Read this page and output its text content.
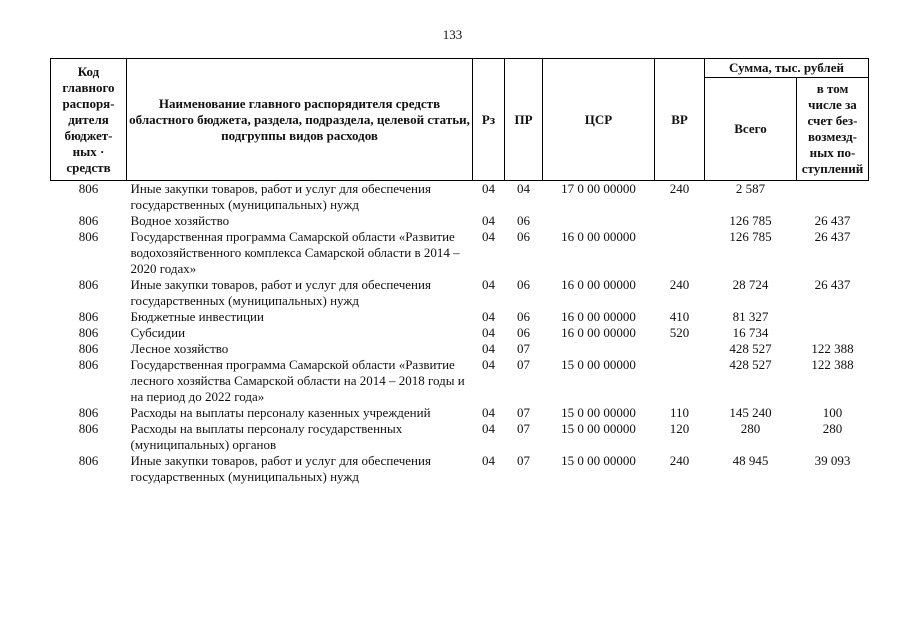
133
Код главного распоря-дителя бюджет-ных · средств	Наименование главного распорядителя средств областного бюджета, раздела, подраздела, целевой статьи, подгруппы видов расходов	Рз	ПР	ЦСР	ВР	Сумма, тыс. рублей	
						Всего	в том числе за счет без-возмезд-ных по-ступлений
806	Иные закупки товаров, работ и услуг для обеспечения государственных (муниципальных) нужд	04	04	17 0 00 00000	240	2 587	
806	Водное хозяйство	04	06			126 785	26 437
806	Государственная программа Самарской области «Развитие водохозяйственного комплекса Самарской области в 2014 – 2020 годах»	04	06	16 0 00 00000		126 785	26 437
806	Иные закупки товаров, работ и услуг для обеспечения государственных (муниципальных) нужд	04	06	16 0 00 00000	240	28 724	26 437
806	Бюджетные инвестиции	04	06	16 0 00 00000	410	81 327	
806	Субсидии	04	06	16 0 00 00000	520	16 734	
806	Лесное хозяйство	04	07			428 527	122 388
806	Государственная программа Самарской области «Развитие лесного хозяйства Самарской области на 2014 – 2018 годы и на период до 2022 года»	04	07	15 0 00 00000		428 527	122 388
806	Расходы на выплаты персоналу казенных учреждений	04	07	15 0 00 00000	110	145 240	100
806	Расходы на выплаты персоналу государственных (муниципальных) органов	04	07	15 0 00 00000	120	280	280
806	Иные закупки товаров, работ и услуг для обеспечения государственных (муниципальных) нужд	04	07	15 0 00 00000	240	48 945	39 093
